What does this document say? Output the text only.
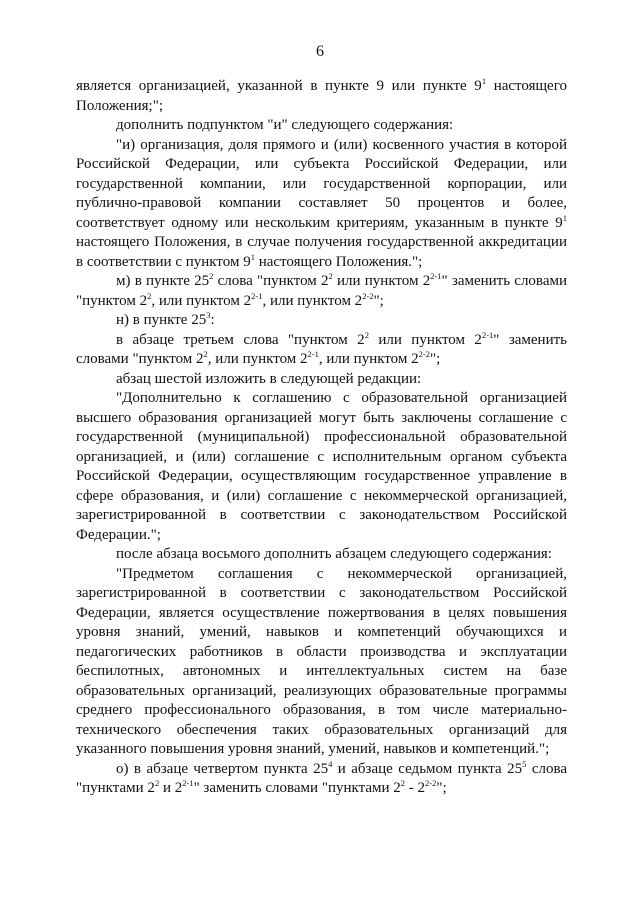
6

является организацией, указанной в пункте 9 или пункте $9^1$ настоящего Положения;";

дополнить подпунктом "и" следующего содержания:

"и) организация, доля прямого и (или) косвенного участия в которой Российской Федерации, или субъекта Российской Федерации, или государственной компании, или государственной корпорации, или публично-правовой компании составляет 50 процентов и более, соответствует одному или нескольким критериям, указанным в пункте $9^1$ настоящего Положения, в случае получения государственной аккредитации в соответствии с пунктом $9^1$ настоящего Положения.";

м) в пункте $25^2$ слова "пунктом $2^2$ или пунктом 2$^{2-1}$" заменить словами "пунктом $2^2$, или пунктом 2$^{2-1}$, или пунктом 2$^{2-2}$";

н) в пункте $25^3$:

в абзаце третьем слова "пунктом $2^2$ или пунктом 2$^{2-1}$" заменить словами "пунктом $2^2$, или пунктом 2$^{2-1}$, или пунктом 2$^{2-2}$";

абзац шестой изложить в следующей редакции:

"Дополнительно к соглашению с образовательной организацией высшего образования организацией могут быть заключены соглашение с государственной (муниципальной) профессиональной образовательной организацией, и (или) соглашение с исполнительным органом субъекта Российской Федерации, осуществляющим государственное управление в сфере образования, и (или) соглашение с некоммерческой организацией, зарегистрированной в соответствии с законодательством Российской Федерации.";

после абзаца восьмого дополнить абзацем следующего содержания:

"Предметом соглашения с некоммерческой организацией, зарегистрированной в соответствии с законодательством Российской Федерации, является осуществление пожертвования в целях повышения уровня знаний, умений, навыков и компетенций обучающихся и педагогических работников в области производства и эксплуатации беспилотных, автономных и интеллектуальных систем на базе образовательных организаций, реализующих образовательные программы среднего профессионального образования, в том числе материально-технического обеспечения таких образовательных организаций для указанного повышения уровня знаний, умений, навыков и компетенций.";

о) в абзаце четвертом пункта $25^4$ и абзаце седьмом пункта $25^5$ слова "пунктами $2^2$ и 2$^{2-1}$" заменить словами "пунктами $2^2 - 2^{2-2}$";
